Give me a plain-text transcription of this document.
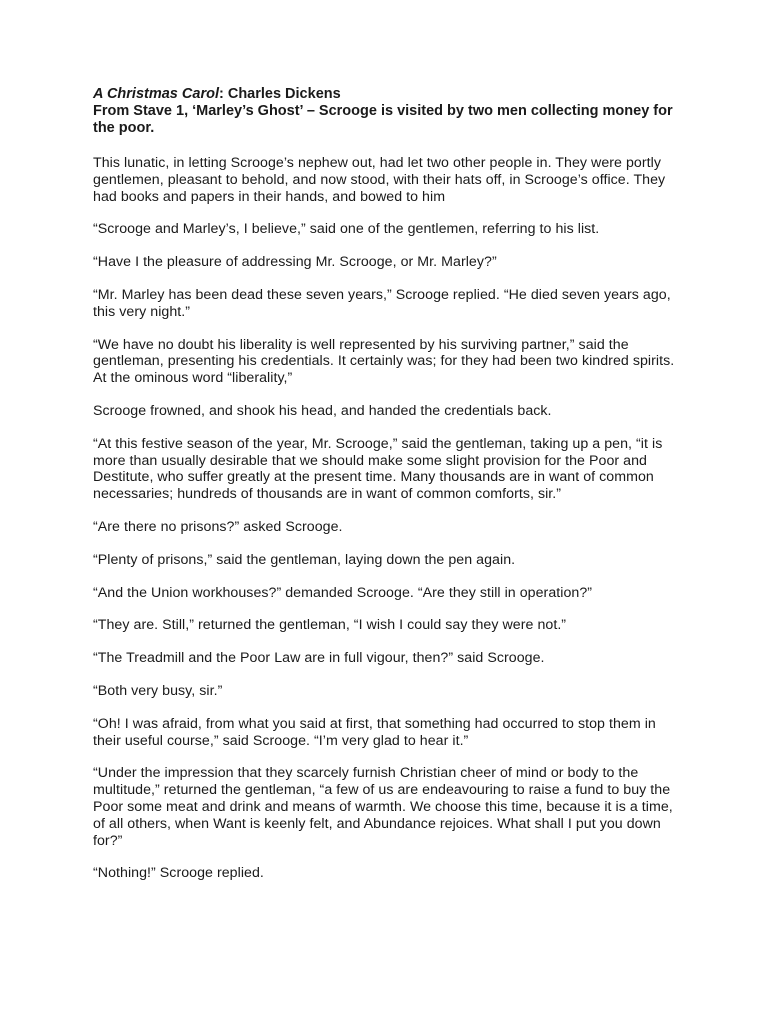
A Christmas Carol: Charles Dickens

From Stave 1, ‘Marley’s Ghost’ – Scrooge is visited by two men collecting money for the poor.

This lunatic, in letting Scrooge’s nephew out, had let two other people in. They were portly gentlemen, pleasant to behold, and now stood, with their hats off, in Scrooge’s office. They had books and papers in their hands, and bowed to him

“Scrooge and Marley’s, I believe,” said one of the gentlemen, referring to his list.

“Have I the pleasure of addressing Mr. Scrooge, or Mr. Marley?”

“Mr. Marley has been dead these seven years,” Scrooge replied. “He died seven years ago, this very night.”

“We have no doubt his liberality is well represented by his surviving partner,” said the gentleman, presenting his credentials. It certainly was; for they had been two kindred spirits. At the ominous word “liberality,”

Scrooge frowned, and shook his head, and handed the credentials back.

“At this festive season of the year, Mr. Scrooge,” said the gentleman, taking up a pen, “it is more than usually desirable that we should make some slight provision for the Poor and Destitute, who suffer greatly at the present time. Many thousands are in want of common necessaries; hundreds of thousands are in want of common comforts, sir.”

“Are there no prisons?” asked Scrooge.

“Plenty of prisons,” said the gentleman, laying down the pen again.

“And the Union workhouses?” demanded Scrooge. “Are they still in operation?”

“They are. Still,” returned the gentleman, “I wish I could say they were not.”

“The Treadmill and the Poor Law are in full vigour, then?” said Scrooge.

“Both very busy, sir.”

“Oh! I was afraid, from what you said at first, that something had occurred to stop them in their useful course,” said Scrooge. “I’m very glad to hear it.”

“Under the impression that they scarcely furnish Christian cheer of mind or body to the multitude,” returned the gentleman, “a few of us are endeavouring to raise a fund to buy the Poor some meat and drink and means of warmth. We choose this time, because it is a time, of all others, when Want is keenly felt, and Abundance rejoices. What shall I put you down for?”

“Nothing!” Scrooge replied.
